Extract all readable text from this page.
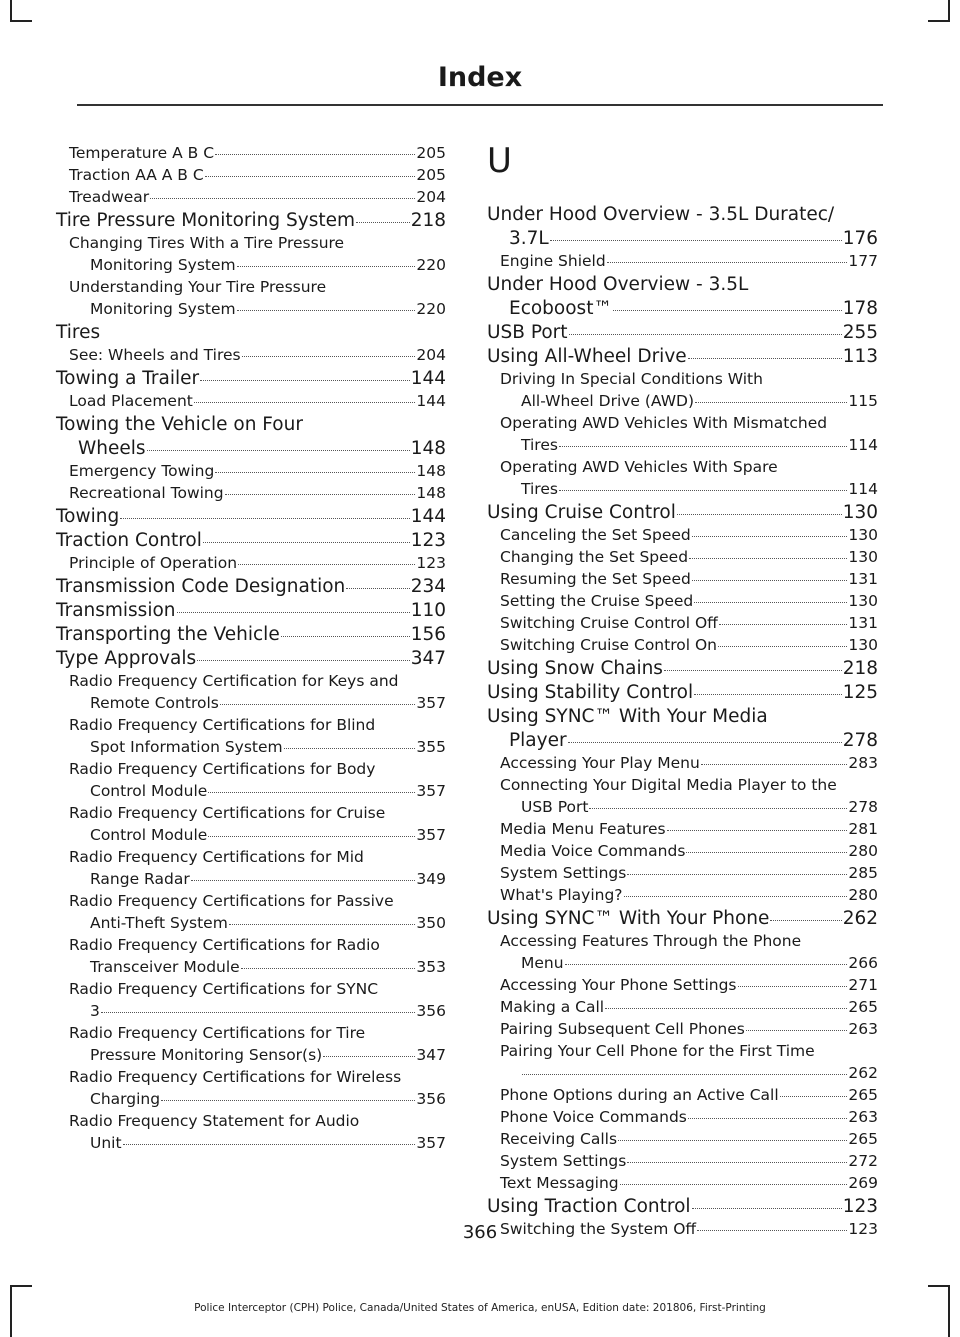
Index
Temperature A B C	205
Traction AA A B C	205
Treadwear	204
Tire Pressure Monitoring System	218
Changing Tires With a Tire Pressure
Monitoring System	220
Understanding Your Tire Pressure
Monitoring System	220
Tires
See: Wheels and Tires	204
Towing a Trailer	144
Load Placement	144
Towing the Vehicle on Four
Wheels	148
Emergency Towing	148
Recreational Towing	148
Towing	144
Traction Control	123
Principle of Operation	123
Transmission Code Designation	234
Transmission	110
Transporting the Vehicle	156
Type Approvals	347
Radio Frequency Certification for Keys and
Remote Controls	357
Radio Frequency Certifications for Blind
Spot Information System	355
Radio Frequency Certifications for Body
Control Module	357
Radio Frequency Certifications for Cruise
Control Module	357
Radio Frequency Certifications for Mid
Range Radar	349
Radio Frequency Certifications for Passive
Anti-Theft System	350
Radio Frequency Certifications for Radio
Transceiver Module	353
Radio Frequency Certifications for SYNC
3	356
Radio Frequency Certifications for Tire
Pressure Monitoring Sensor(s)	347
Radio Frequency Certifications for Wireless
Charging	356
Radio Frequency Statement for Audio
Unit	357
U
Under Hood Overview - 3.5L Duratec/
3.7L	176
Engine Shield	177
Under Hood Overview - 3.5L
Ecoboost™	178
USB Port	255
Using All-Wheel Drive	113
Driving In Special Conditions With
All-Wheel Drive (AWD)	115
Operating AWD Vehicles With Mismatched
Tires	114
Operating AWD Vehicles With Spare
Tires	114
Using Cruise Control	130
Canceling the Set Speed	130
Changing the Set Speed	130
Resuming the Set Speed	131
Setting the Cruise Speed	130
Switching Cruise Control Off	131
Switching Cruise Control On	130
Using Snow Chains	218
Using Stability Control	125
Using SYNC™ With Your Media
Player	278
Accessing Your Play Menu	283
Connecting Your Digital Media Player to the
USB Port	278
Media Menu Features	281
Media Voice Commands	280
System Settings	285
What's Playing?	280
Using SYNC™ With Your Phone	262
Accessing Features Through the Phone
Menu	266
Accessing Your Phone Settings	271
Making a Call	265
Pairing Subsequent Cell Phones	263
Pairing Your Cell Phone for the First Time
262
Phone Options during an Active Call	265
Phone Voice Commands	263
Receiving Calls	265
System Settings	272
Text Messaging	269
Using Traction Control	123
Switching the System Off	123
366
Police Interceptor (CPH) Police, Canada/United States of America, enUSA, Edition date: 201806, First-Printing
